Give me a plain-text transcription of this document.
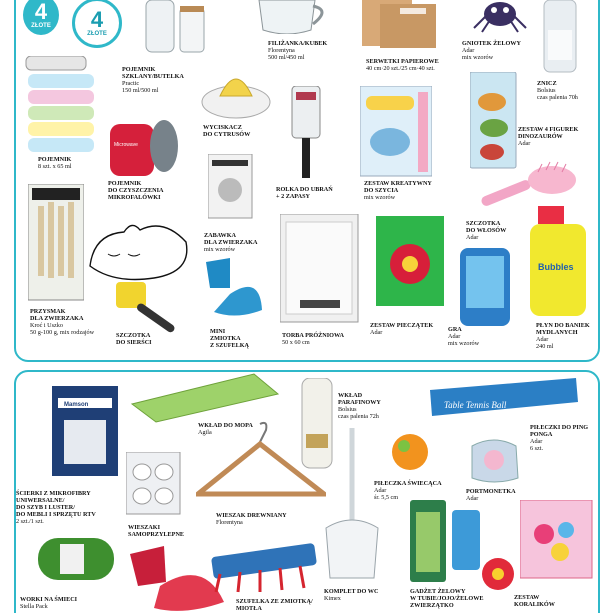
4
ZŁOTE	4
ZŁOTE
Microwave
Bubbles
FILIŻANKA/KUBEK
Florentyna
500 ml/450 ml
SERWETKI PAPIEROWE
40 cm·20 szt./25 cm·40 szt.
GNIOTEK ŻELOWY
Adar
mix wzorów
POJEMNIK
SZKLANY/BUTELKA
Practic
150 ml/500 ml
ZNICZ
Bolsius
czas palenia 70h
WYCISKACZ
DO CYTRUSÓW
POJEMNIK
8 szt. x 65 ml
ZESTAW 4 FIGUREK
DINOZAURÓW
Adar
POJEMNIK
DO CZYSZCZENIA
MIKROFALÓWKI
ROLKA DO UBRAŃ
+ 2 ZAPASY
ZESTAW KREATYWNY
DO SZYCIA
mix wzorów
ZABAWKA
DLA ZWIERZAKA
mix wzorów
SZCZOTKA
DO WŁOSÓW
Adar
PRZYSMAK
DLA ZWIERZAKA
Kroć i Uszko
50 g-100 g, mix rodzajów	SZCZOTKA
DO SIERŚCI
MINI
ZMIOTKA
Z SZUFELKĄ
TORBA PRÓŻNIOWA
50 x 60 cm
ZESTAW PIECZĄTEK
Adar	GRA
Adar
mix wzorów
PŁYN DO BANIEK
MYDLANYCH
Adar
240 ml
Table Tennis Ball
Mamson
WKŁAD DO MOPA
Agila
WKŁAD
PARAFINOWY
Bolsius
czas palenia 72h
PIŁECZKI DO PING
PONGA
Adar
6 szt.
ŚCIERKI Z MIKROFIBRY
UNIWERSALNE/
DO SZYB I LUSTER/
DO MEBLI I SPRZĘTU RTV
2 szt./1 szt.
PIŁECZKA ŚWIECĄCA
Adar
śr. 5,5 cm
PORTMONETKA
Adar
WIESZAKI
SAMOPRZYLEPNE
WIESZAK DREWNIANY
Florentyna
WORKI NA ŚMIECI
Stella Pack
SZUFELKA ZE ZMIOTKĄ/
MIOTŁA
KOMPLET DO WC
Kimex
GADŻET ŻELOWY
W TUBIE/JOJO/ŻELOWE
ZWIERZĄTKO
ZESTAW
KORALIKÓW
